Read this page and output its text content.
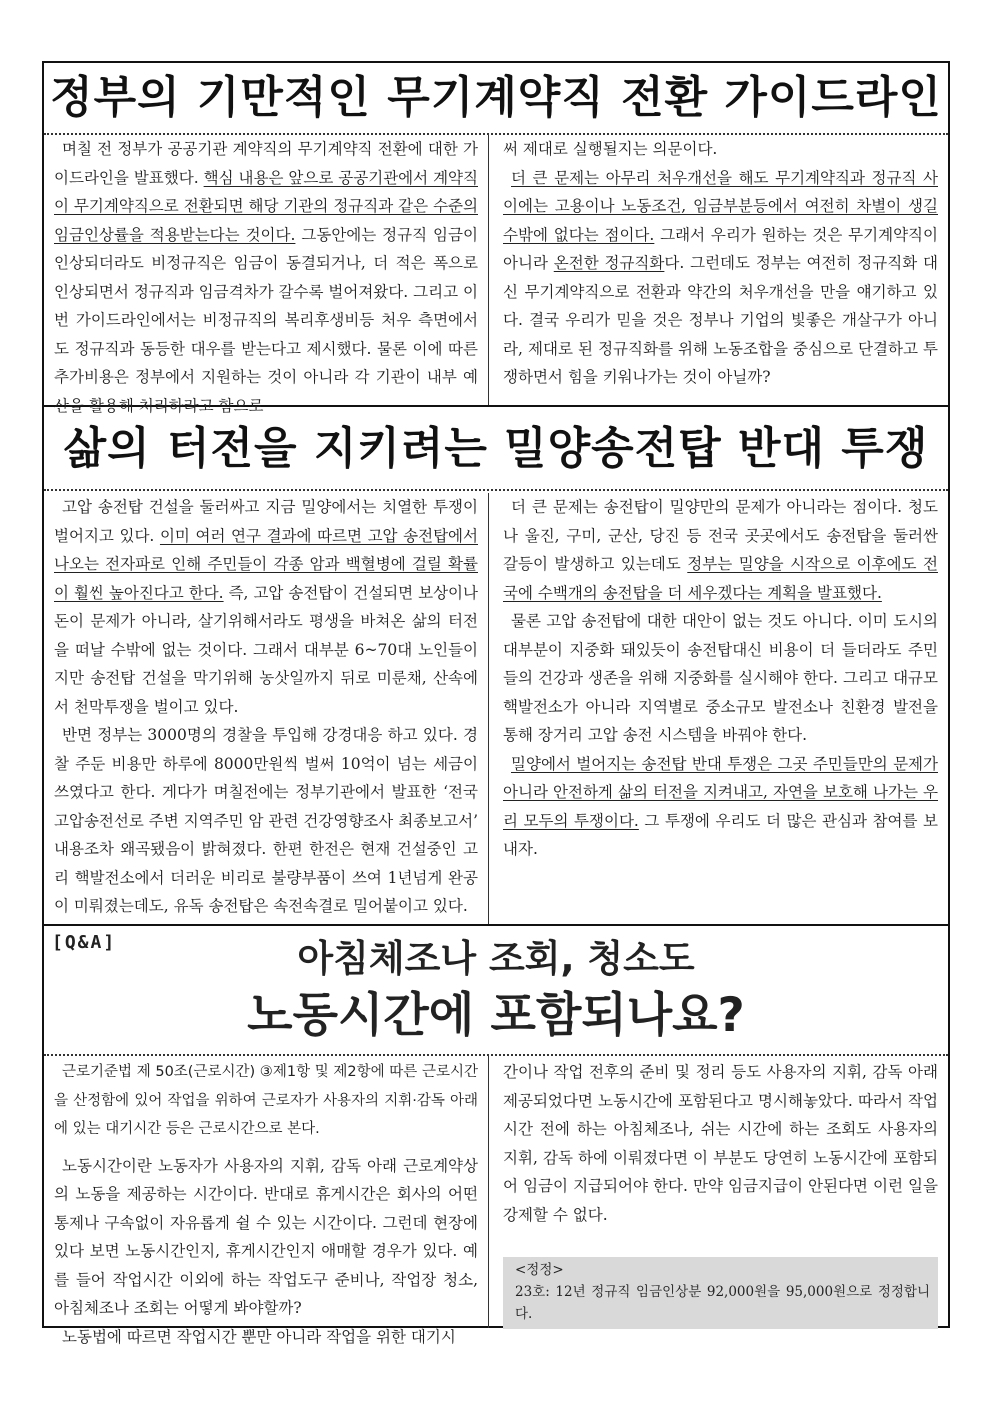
정부의 기만적인 무기계약직 전환 가이드라인

며칠 전 정부가 공공기관 계약직의 무기계약직 전환에 대한 가이드라인을 발표했다. 핵심 내용은 앞으로 공공기관에서 계약직이 무기계약직으로 전환되면 해당 기관의 정규직과 같은 수준의 임금인상률을 적용받는다는 것이다. 그동안에는 정규직 임금이 인상되더라도 비정규직은 임금이 동결되거나, 더 적은 폭으로 인상되면서 정규직과 임금격차가 갈수록 벌어져왔다. 그리고 이번 가이드라인에서는 비정규직의 복리후생비등 처우 측면에서도 정규직과 동등한 대우를 받는다고 제시했다. 물론 이에 따른 추가비용은 정부에서 지원하는 것이 아니라 각 기관이 내부 예산을 활용해 처리하라고 함으로

써 제대로 실행될지는 의문이다.

더 큰 문제는 아무리 처우개선을 해도 무기계약직과 정규직 사이에는 고용이나 노동조건, 임금부분등에서 여전히 차별이 생길 수밖에 없다는 점이다. 그래서 우리가 원하는 것은 무기계약직이 아니라 온전한 정규직화다. 그런데도 정부는 여전히 정규직화 대신 무기계약직으로 전환과 약간의 처우개선을 만을 얘기하고 있다. 결국 우리가 믿을 것은 정부나 기업의 빛좋은 개살구가 아니라, 제대로 된 정규직화를 위해 노동조합을 중심으로 단결하고 투쟁하면서 힘을 키워나가는 것이 아닐까?

삶의 터전을 지키려는 밀양송전탑 반대 투쟁

고압 송전탑 건설을 둘러싸고 지금 밀양에서는 치열한 투쟁이 벌어지고 있다. 이미 여러 연구 결과에 따르면 고압 송전탑에서 나오는 전자파로 인해 주민들이 각종 암과 백혈병에 걸릴 확률이 훨씬 높아진다고 한다. 즉, 고압 송전탑이 건설되면 보상이나 돈이 문제가 아니라, 살기위해서라도 평생을 바쳐온 삶의 터전을 떠날 수밖에 없는 것이다. 그래서 대부분 6~70대 노인들이지만 송전탑 건설을 막기위해 농삿일까지 뒤로 미룬채, 산속에서 천막투쟁을 벌이고 있다.

반면 정부는 3000명의 경찰을 투입해 강경대응 하고 있다. 경찰 주둔 비용만 하루에 8000만원씩 벌써 10억이 넘는 세금이 쓰였다고 한다. 게다가 며칠전에는 정부기관에서 발표한 ‘전국 고압송전선로 주변 지역주민 암 관련 건강영향조사 최종보고서’ 내용조차 왜곡됐음이 밝혀졌다. 한편 한전은 현재 건설중인 고리 핵발전소에서 더러운 비리로 불량부품이 쓰여 1년넘게 완공이 미뤄졌는데도, 유독 송전탑은 속전속결로 밀어붙이고 있다.

더 큰 문제는 송전탑이 밀양만의 문제가 아니라는 점이다. 청도나 울진, 구미, 군산, 당진 등 전국 곳곳에서도 송전탑을 둘러싼 갈등이 발생하고 있는데도 정부는 밀양을 시작으로 이후에도 전국에 수백개의 송전탑을 더 세우겠다는 계획을 발표했다.

물론 고압 송전탑에 대한 대안이 없는 것도 아니다. 이미 도시의 대부분이 지중화 돼있듯이 송전탑대신 비용이 더 들더라도 주민들의 건강과 생존을 위해 지중화를 실시해야 한다. 그리고 대규모 핵발전소가 아니라 지역별로 중소규모 발전소나 친환경 발전을 통해 장거리 고압 송전 시스템을 바꿔야 한다.

밀양에서 벌어지는 송전탑 반대 투쟁은 그곳 주민들만의 문제가 아니라 안전하게 삶의 터전을 지켜내고, 자연을 보호해 나가는 우리 모두의 투쟁이다. 그 투쟁에 우리도 더 많은 관심과 참여를 보내자.

[Q&A]	아침체조나 조회, 청소도
노동시간에 포함되나요?

근로기준법 제 50조(근로시간) ③제1항 및 제2항에 따른 근로시간을 산정함에 있어 작업을 위하여 근로자가 사용자의 지휘·감독 아래에 있는 대기시간 등은 근로시간으로 본다.

노동시간이란 노동자가 사용자의 지휘, 감독 아래 근로계약상의 노동을 제공하는 시간이다. 반대로 휴게시간은 회사의 어떤 통제나 구속없이 자유롭게 쉴 수 있는 시간이다. 그런데 현장에 있다 보면 노동시간인지, 휴게시간인지 애매할 경우가 있다. 예를 들어 작업시간 이외에 하는 작업도구 준비나, 작업장 청소, 아침체조나 조회는 어떻게 봐야할까?

노동법에 따르면 작업시간 뿐만 아니라 작업을 위한 대기시

간이나 작업 전후의 준비 및 정리 등도 사용자의 지휘, 감독 아래 제공되었다면 노동시간에 포함된다고 명시해놓았다. 따라서 작업시간 전에 하는 아침체조나, 쉬는 시간에 하는 조회도 사용자의 지휘, 감독 하에 이뤄졌다면 이 부분도 당연히 노동시간에 포함되어 임금이 지급되어야 한다. 만약 임금지급이 안된다면 이런 일을 강제할 수 없다.

<정정>
23호: 12년 정규직 임금인상분 92,000원을 95,000원으로 정정합니다.
